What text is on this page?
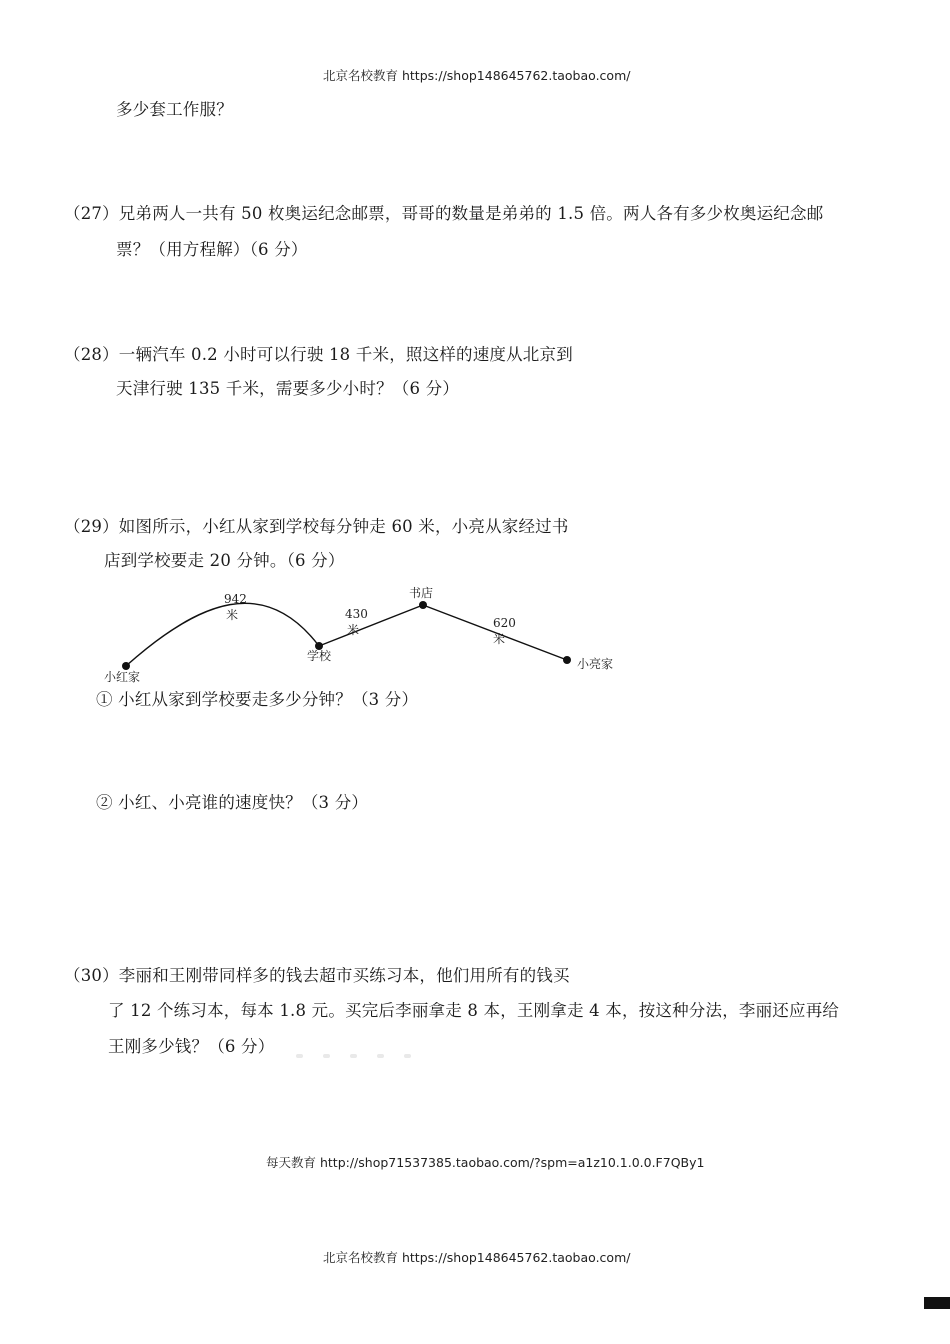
北京名校教育 https://shop148645762.taobao.com/
多少套工作服？
（27）兄弟两人一共有 50 枚奥运纪念邮票，哥哥的数量是弟弟的 1.5 倍。两人各有多少枚奥运纪念邮
票？（用方程解）（6 分）
（28）一辆汽车 0.2 小时可以行驶 18 千米，照这样的速度从北京到
天津行驶 135 千米，需要多少小时？（6 分）
（29）如图所示，小红从家到学校每分钟走 60 米，小亮从家经过书
店到学校要走 20 分钟。（6 分）
小红家
学校
书店
小亮家
942
米	430
米	620
米
① 小红从家到学校要走多少分钟？（3 分）
② 小红、小亮谁的速度快？（3 分）
（30）李丽和王刚带同样多的钱去超市买练习本，他们用所有的钱买
了 12 个练习本，每本 1.8 元。买完后李丽拿走 8 本，王刚拿走 4 本，按这种分法，李丽还应再给
王刚多少钱？（6 分）
每天教育 http://shop71537385.taobao.com/?spm=a1z10.1.0.0.F7QBy1
北京名校教育 https://shop148645762.taobao.com/
